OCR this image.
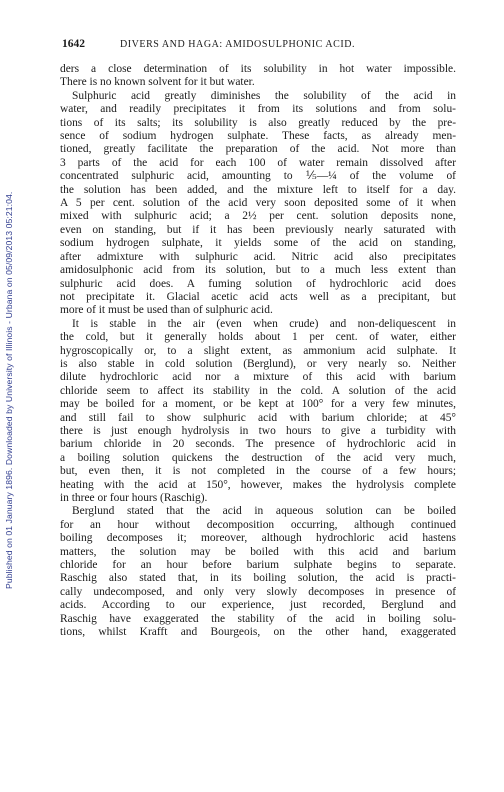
Published on 01 January 1896. Downloaded by University of Illinois - Urbana on 05/09/2013 05:21:04.
1642	DIVERS AND HAGA: AMIDOSULPHONIC ACID.
ders a close determination of its solubility in hot water impossible.
There is no known solvent for it but water.
Sulphuric acid greatly diminishes the solubility of the acid in
water, and readily precipitates it from its solutions and from solu-
tions of its salts; its solubility is also greatly reduced by the pre-
sence of sodium hydrogen sulphate. These facts, as already men-
tioned, greatly facilitate the preparation of the acid. Not more than
3 parts of the acid for each 100 of water remain dissolved after
concentrated sulphuric acid, amounting to ⅕—¼ of the volume of
the solution has been added, and the mixture left to itself for a day.
A 5 per cent. solution of the acid very soon deposited some of it when
mixed with sulphuric acid; a 2½ per cent. solution deposits none,
even on standing, but if it has been previously nearly saturated with
sodium hydrogen sulphate, it yields some of the acid on standing,
after admixture with sulphuric acid. Nitric acid also precipitates
amidosulphonic acid from its solution, but to a much less extent than
sulphuric acid does. A fuming solution of hydrochloric acid does
not precipitate it. Glacial acetic acid acts well as a precipitant, but
more of it must be used than of sulphuric acid.
It is stable in the air (even when crude) and non-deliquescent in
the cold, but it generally holds about 1 per cent. of water, either
hygroscopically or, to a slight extent, as ammonium acid sulphate. It
is also stable in cold solution (Berglund), or very nearly so. Neither
dilute hydrochloric acid nor a mixture of this acid with barium
chloride seem to affect its stability in the cold. A solution of the acid
may be boiled for a moment, or be kept at 100° for a very few minutes,
and still fail to show sulphuric acid with barium chloride; at 45°
there is just enough hydrolysis in two hours to give a turbidity with
barium chloride in 20 seconds. The presence of hydrochloric acid in
a boiling solution quickens the destruction of the acid very much,
but, even then, it is not completed in the course of a few hours;
heating with the acid at 150°, however, makes the hydrolysis complete
in three or four hours (Raschig).
Berglund stated that the acid in aqueous solution can be boiled
for an hour without decomposition occurring, although continued
boiling decomposes it; moreover, although hydrochloric acid hastens
matters, the solution may be boiled with this acid and barium
chloride for an hour before barium sulphate begins to separate.
Raschig also stated that, in its boiling solution, the acid is practi-
cally undecomposed, and only very slowly decomposes in presence of
acids. According to our experience, just recorded, Berglund and
Raschig have exaggerated the stability of the acid in boiling solu-
tions, whilst Krafft and Bourgeois, on the other hand, exaggerated
